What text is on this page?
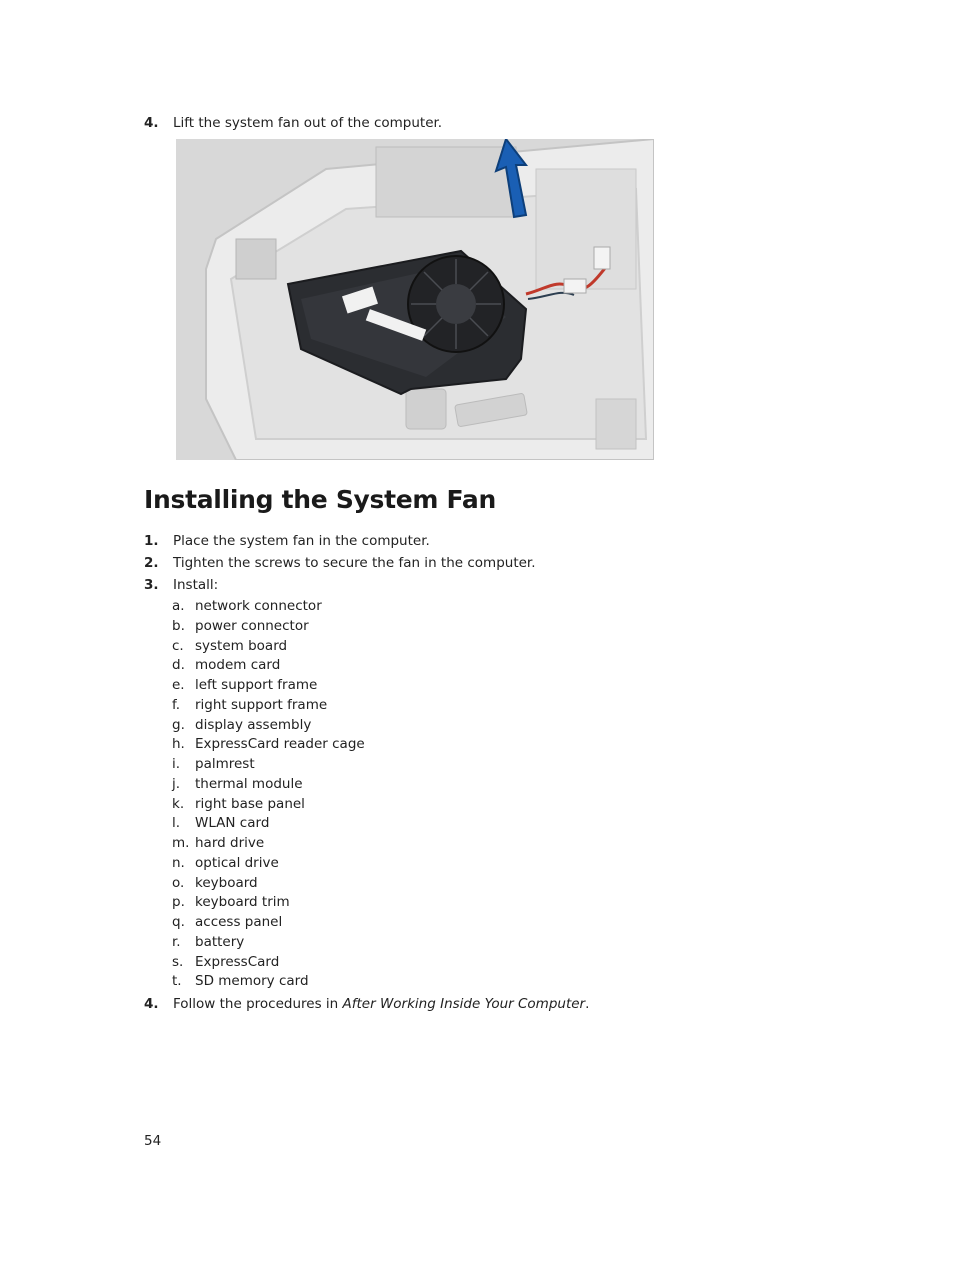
4. Lift the system fan out of the computer.
Installing the System Fan
1. Place the system fan in the computer.
2. Tighten the screws to secure the fan in the computer.
3. Install:
a. network connector
b. power connector
c. system board
d. modem card
e. left support frame
f.	right support frame
g. display assembly
h. ExpressCard reader cage
i.	palmrest
j.	thermal module
k. right base panel
l.	WLAN card
m. hard drive
n. optical drive
o. keyboard
p. keyboard trim
q. access panel
r.	battery
s. ExpressCard
t. SD memory card
4. Follow the procedures in After Working Inside Your Computer.
54
